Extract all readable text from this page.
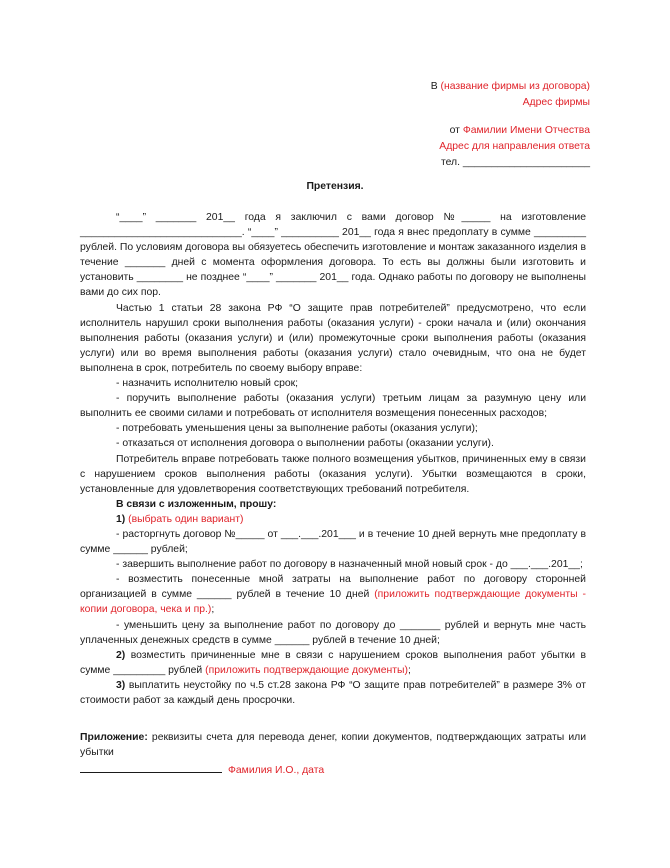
В (название фирмы из договора)
Адрес фирмы
от Фамилии Имени Отчества
Адрес для направления ответа
тел. ______________________
Претензия.

“____” _______ 201__ года я заключил с вами договор №_____ на изготовление

____________________________. “____” __________ 201__ года я внес предоплату в сумме _________ рублей. По условиям договора вы обязуетесь обеспечить изготовление и монтаж заказанного изделия в течение _______ дней с момента оформления договора. То есть вы должны были изготовить и установить ________ не позднее “____” _______ 201__ года. Однако работы по договору не выполнены вами до сих пор.

Частью 1 статьи 28 закона РФ “О защите прав потребителей” предусмотрено, что если исполнитель нарушил сроки выполнения работы (оказания услуги) - сроки начала и (или) окончания выполнения работы (оказания услуги) и (или) промежуточные сроки выполнения работы (оказания услуги) или во время выполнения работы (оказания услуги) стало очевидным, что она не будет выполнена в срок, потребитель по своему выбору вправе:

- назначить исполнителю новый срок;

- поручить выполнение работы (оказания услуги) третьим лицам за разумную цену или выполнить ее своими силами и потребовать от исполнителя возмещения понесенных расходов;

- потребовать уменьшения цены за выполнение работы (оказания услуги);

- отказаться от исполнения договора о выполнении работы (оказании услуги).

Потребитель вправе потребовать также полного возмещения убытков, причиненных ему в связи с нарушением сроков выполнения работы (оказания услуги). Убытки возмещаются в сроки, установленные для удовлетворения соответствующих требований потребителя.

В связи с изложенным, прошу:

1) (выбрать один вариант)

- расторгнуть договор №_____ от ___.___.201___ и в течение 10 дней вернуть мне предоплату в сумме ______ рублей;

- завершить выполнение работ по договору в назначенный мной новый срок - до ___.___.201__;

- возместить понесенные мной затраты на выполнение работ по договору сторонней организацией в сумме ______ рублей в течение 10 дней (приложить подтверждающие документы - копии договора, чека и пр.);

- уменьшить цену за выполнение работ по договору до _______ рублей и вернуть мне часть уплаченных денежных средств в сумме ______ рублей в течение 10 дней;

2) возместить причиненные мне в связи с нарушением сроков выполнения работ убытки в сумме _________ рублей (приложить подтверждающие документы);

3) выплатить неустойку по ч.5 ст.28 закона РФ “О защите прав потребителей” в размере 3% от стоимости работ за каждый день просрочки.

Приложение: реквизиты счета для перевода денег, копии документов, подтверждающих затраты или убытки

Фамилия И.О., дата
